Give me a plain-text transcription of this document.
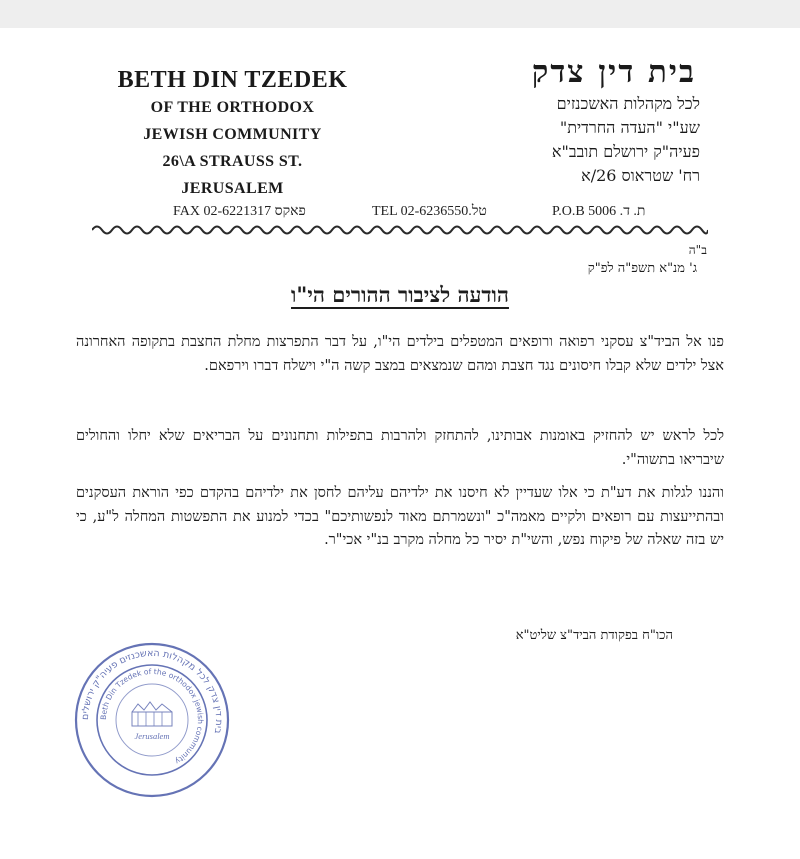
BETH DIN TZEDEK
OF THE ORTHODOX
JEWISH COMMUNITY
26\A STRAUSS ST.
JERUSALEM
בית דין צדק
לכל מקהלות האשכנזים
שע"י "העדה החרדית"
פעיה"ק ירושלם תובב"א
רח' שטראוס 26/א
FAX 02-6221317 פאקס	TEL 02-6236550.טל	P.O.B 5006 .ת. ד
ב"ה
ג' מנ"א תשפ"ה לפ"ק
הודעה לציבור ההורים הי"ו
פנו אל הביד"צ עסקני רפואה ורופאים המטפלים בילדים הי"ו, על דבר התפרצות מחלת החצבת בתקופה האחרונה אצל ילדים שלא קבלו חיסונים נגד חצבת ומהם שנמצאים במצב קשה ה"י וישלח דברו וירפאם.
לכל לראש יש להחזיק באומנות אבותינו, להתחזק ולהרבות בתפילות ותחנונים על הבריאים שלא יחלו והחולים שיבריאו בתשוה"י.
והננו לגלות את דע"ת כי אלו שעדיין לא חיסנו את ילדיהם עליהם לחסן את ילדיהם בהקדם כפי הוראת העסקנים ובהתייעצות עם רופאים ולקיים מאמה"כ "ונשמרתם מאוד לנפשותיכם" בכדי למנוע את התפשטות המחלה ל"ע, כי יש בזה שאלה של פיקוח נפש, והשי"ת יסיר כל מחלה מקרב בנ"י אכי"ר.
הכו"ח בפקודת הביד"צ שליט"א
בית דין צדק לכל מקהלות האשכנזים פעיה"ק ירושלים
Beth Din Tzedek of the orthodox jewish community
Jerusalem
